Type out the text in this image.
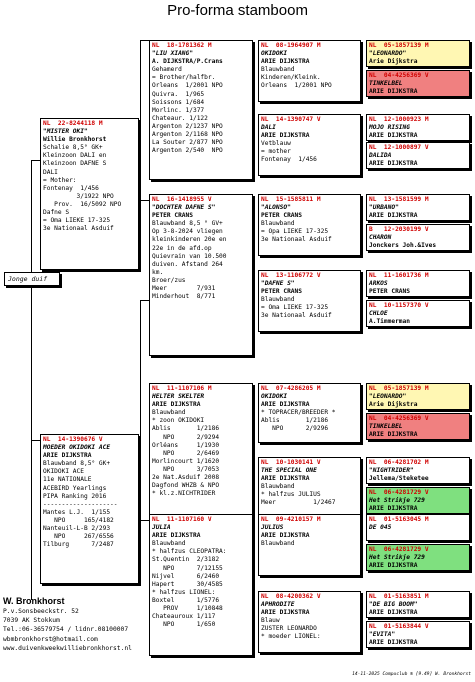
Pro-forma stamboom
Jonge duif
NL  22-8244118 M
"MISTER OKI"
Willie Bronkhorst
Schalie 8,5° GK+
Kleinzoon DALI en
Kleinzoon DAFNE S
DALI
= Mother:
Fontenay  1/456
3/1922 NPO
Prov.  16/5092 NPO
Dafne S
= Oma LIEKE 17-325
3e Nationaal Asduif
NL  14-1390676 V
MOEDER OKIDOKI ACE
ARIE DIJKSTRA
Blauwband 8,5° GK+
OKIDOKI ACE
11e NATIONALE
ACEBIRD Yearlings
PIPA Ranking 2016
--------------------
Mantes L.J.  1/155
NPO     165/4182
Nanteuil-L-B 2/293
NPO     267/6556
Tilburg      7/2487
NL  18-1781362 M
"LIU XIANG"
A. DIJKSTRA/P.Crans
Gehamerd
= Brother/halfbr.
Orleans  1/2001 NPO
Quivra.  1/965
Soissons 1/684
Morlinc. 1/377
Chateaur. 1/122
Argenton 2/1237 NPO
Argenton 2/1168 NPO
La Souter 2/877 NPO
Argenton 2/540  NPO
NL  16-1418955 V
"DOCHTER DAFNE S"
PETER CRANS
Blauwband 8,5 ° GV+
Op 3-8-2024 vliegen
kleinkinderen 20e en
22e in de afd.op
Quievrain van 10.500
duiven. Afstand 264
km.
Broer/zus
Meer        7/931
Minderhout  8/771
NL  11-1107106 M
HELTER SKELTER
ARIE DIJKSTRA
Blauwband
* zoon OKIDOKI
Ablis       1/2186
NPO      2/9294
Orléans     1/1930
NPO      2/6469
Morlincourt 1/1620
NPO      3/7053
2e Nat.Asduif 2008
Dagfond WHZB & NPO
* kl.z.NICHTRIDER
NL  11-1107160 V
JULIA
ARIE DIJKSTRA
Blauwband
* halfzus CLEOPATRA:
St.Quentin  2/3182
NPO      7/12155
Nijvel      6/2460
Hapert      30/4585
* halfzus LIONEL:
Boxtel      1/5776
PROV     1/10848
Chateauroux 1/117
NPO      1/650
NL  08-1964907 M
OKIDOKI
ARIE DIJKSTRA
Blauwband
Kinderen/Kleink.
Orleans  1/2001 NPO
NL  14-1390747 V
DALI
ARIE DIJKSTRA
Vetblauw
= mother
Fontenay  1/456
NL  15-1585811 M
"ALONSO"
PETER CRANS
Blauwband
= Opa LIEKE 17-325
3e Nationaal Asduif
NL  13-1106772 V
"DAFNE S"
PETER CRANS
Blauwband
= Oma LIEKE 17-325
3e Nationaal Asduif
NL  07-4286205 M
OKIDOKI
ARIE DIJKSTRA
* TOPRACER/BREEDER *
Ablis       1/2186
NPO      2/9296
NL  10-1030141 V
THE SPECIAL ONE
ARIE DIJKSTRA
Blauwband
* halfzus JULIUS
Meer          1/2467
NL  09-4210157 M
JULIUS
ARIE DIJKSTRA
Blauwband
NL  08-4200362 V
APHRODITE
ARIE DIJKSTRA
Blauw
ZUSTER LEONARDO
* moeder LIONEL:
NL  05-1857139 M
"LEONARDO"
Arie Dijkstra
NL  04-4256369 V
TINKELBEL
ARIE DIJKSTRA
NL  12-1000923 M
MOJO RISING
ARIE DIJKSTRA
NL  12-1000897 V
DALIDA
ARIE DIJKSTRA
NL  13-1581599 M
"URBANO"
ARIE DIJKSTRA
B   12-2030199 V
CHARON
Jonckers Joh.&Ives
NL  11-1601736 M
ARKOS
PETER CRANS
NL  10-1157370 V
CHLOE
A.Timmerman
NL  05-1857139 M
"LEONARDO"
Arie Dijkstra
NL  04-4256369 V
TINKELBEL
ARIE DIJKSTRA
NL  06-4281702 M
"NIGHTRIDER"
Jellema/Steketee
NL  06-4281729 V
Het Strikje 729
ARIE DIJKSTRA
NL  01-5163045 M
DE 045
NL  06-4281729 V
Het Strikje 729
ARIE DIJKSTRA
NL  01-5163851 M
"DE BIG BOOM"
ARIE DIJKSTRA
NL  01-5163844 V
"EVITA"
ARIE DIJKSTRA
W. Bronkhorst
P.v.Sonsbeeckstr. 52
7039 AK Stokkum
Tel.:06-36579754 / lidnr.08100007
wbmbronkhorst@hotmail.com
www.duivenkweekwilliebronkhorst.nl
14-11-2025 Compuclub ® [9.49] W. Bronkhorst
